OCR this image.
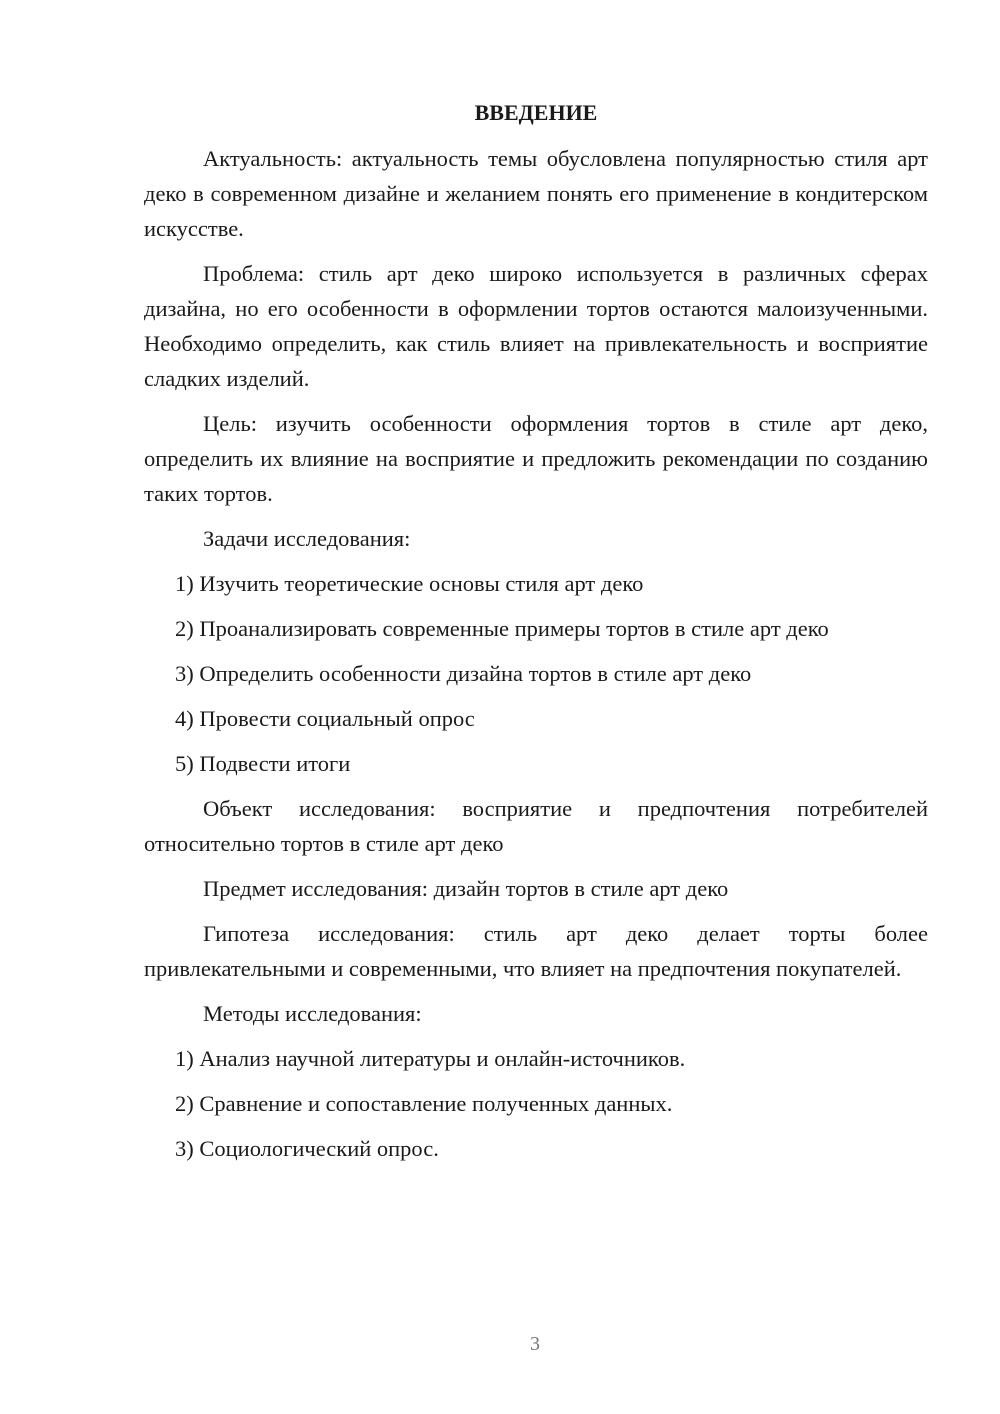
ВВЕДЕНИЕ

Актуальность: актуальность темы обусловлена популярностью стиля арт деко в современном дизайне и желанием понять его применение в кондитерском искусстве.

Проблема: стиль арт деко широко используется в различных сферах дизайна, но его особенности в оформлении тортов остаются малоизученными. Необходимо определить, как стиль влияет на привлекательность и восприятие сладких изделий.

Цель: изучить особенности оформления тортов в стиле арт деко, определить их влияние на восприятие и предложить рекомендации по созданию таких тортов.

Задачи исследования:

1) Изучить теоретические основы стиля арт деко

2) Проанализировать современные примеры тортов в стиле арт деко

3) Определить особенности дизайна тортов в стиле арт деко

4) Провести социальный опрос

5) Подвести итоги

Объект исследования: восприятие и предпочтения потребителей относительно тортов в стиле арт деко

Предмет исследования: дизайн тортов в стиле арт деко

Гипотеза исследования: стиль арт деко делает торты более привлекательными и современными, что влияет на предпочтения покупателей.

Методы исследования:

1) Анализ научной литературы и онлайн-источников.

2) Сравнение и сопоставление полученных данных.

3) Социологический опрос.

3
